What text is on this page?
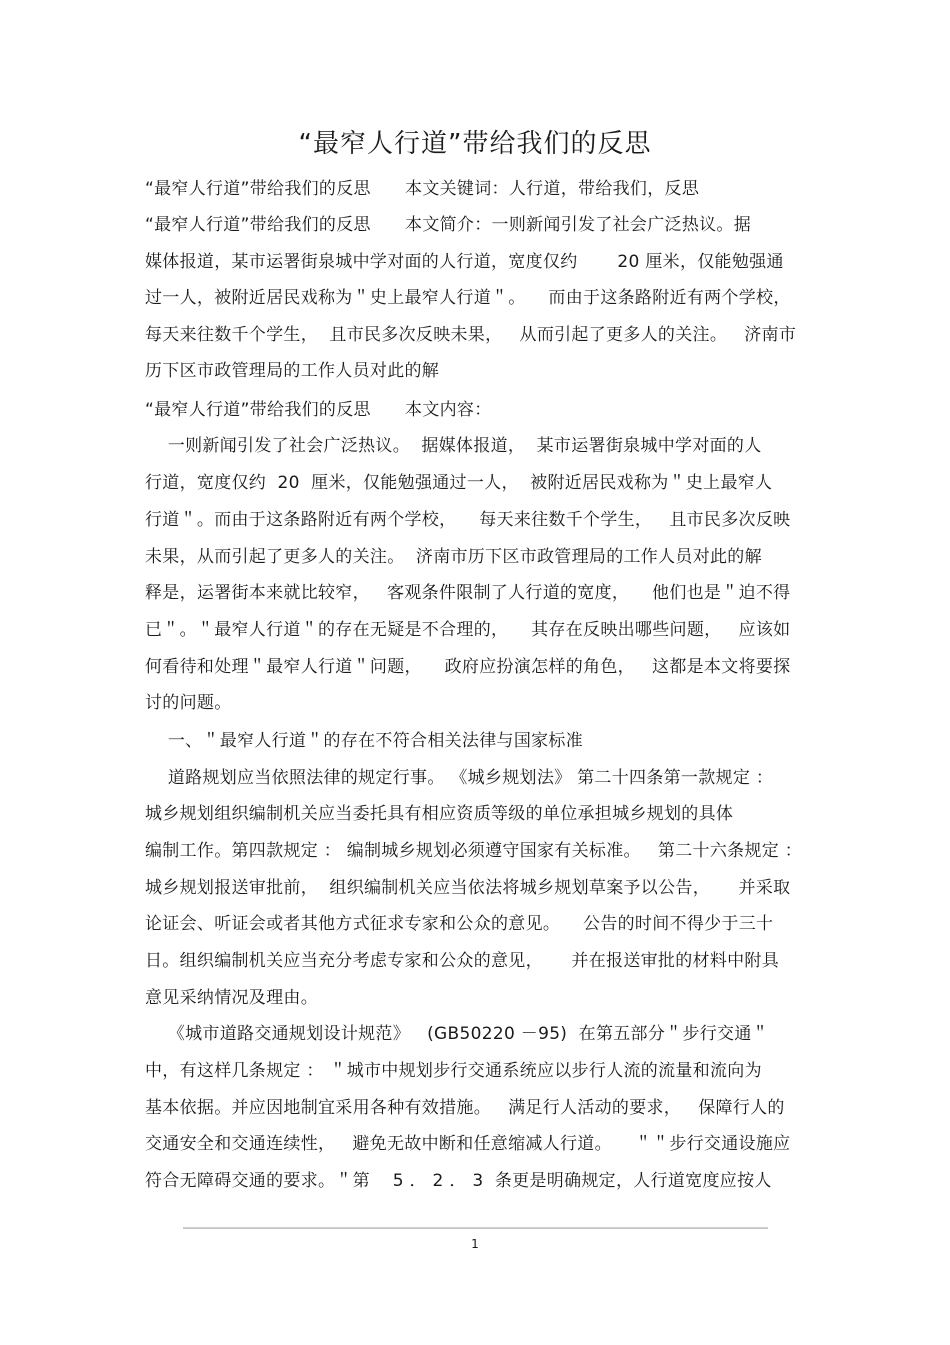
“最窄人行道”带给我们的反思
“最窄人行道”带给我们的反思      本文关键词：人行道，带给我们，反思
“最窄人行道”带给我们的反思      本文简介：一则新闻引发了社会广泛热议。据
媒体报道，某市运署街泉城中学对面的人行道，宽度仅约       20 厘米，仅能勉强通
过一人，被附近居民戏称为＂史上最窄人行道＂。    而由于这条路附近有两个学校，
每天来往数千个学生，  且市民多次反映未果，   从而引起了更多人的关注。   济南市
历下区市政管理局的工作人员对此的解
“最窄人行道”带给我们的反思      本文内容：
一则新闻引发了社会广泛热议。  据媒体报道，  某市运署街泉城中学对面的人
行道，宽度仅约  20  厘米，仅能勉强通过一人，  被附近居民戏称为＂史上最窄人
行道＂。而由于这条路附近有两个学校，    每天来往数千个学生，   且市民多次反映
未果，从而引起了更多人的关注。  济南市历下区市政管理局的工作人员对此的解
释是，运署街本来就比较窄，   客观条件限制了人行道的宽度，    他们也是＂迫不得
已＂。＂最窄人行道＂的存在无疑是不合理的，    其存在反映出哪些问题，   应该如
何看待和处理＂最窄人行道＂问题，    政府应扮演怎样的角色，   这都是本文将要探
讨的问题。
一、＂最窄人行道＂的存在不符合相关法律与国家标准
道路规划应当依照法律的规定行事。 《城乡规划法》 第二十四条第一款规定 ：
城乡规划组织编制机关应当委托具有相应资质等级的单位承担城乡规划的具体
编制工作。第四款规定 ： 编制城乡规划必须遵守国家有关标准。   第二十六条规定 ：
城乡规划报送审批前，  组织编制机关应当依法将城乡规划草案予以公告，     并采取
论证会、听证会或者其他方式征求专家和公众的意见。    公告的时间不得少于三十
日。组织编制机关应当充分考虑专家和公众的意见，     并在报送审批的材料中附具
意见采纳情况及理由。
《城市道路交通规划设计规范》   (GB50220 －95)  在第五部分＂步行交通＂
中，有这样几条规定 ： ＂城市中规划步行交通系统应以步行人流的流量和流向为
基本依据。并应因地制宜采用各种有效措施。   满足行人活动的要求，   保障行人的
交通安全和交通连续性，   避免无故中断和任意缩减人行道。    ＂＂步行交通设施应
符合无障碍交通的要求。＂第    5 ． 2 ． 3  条更是明确规定，人行道宽度应按人
1
